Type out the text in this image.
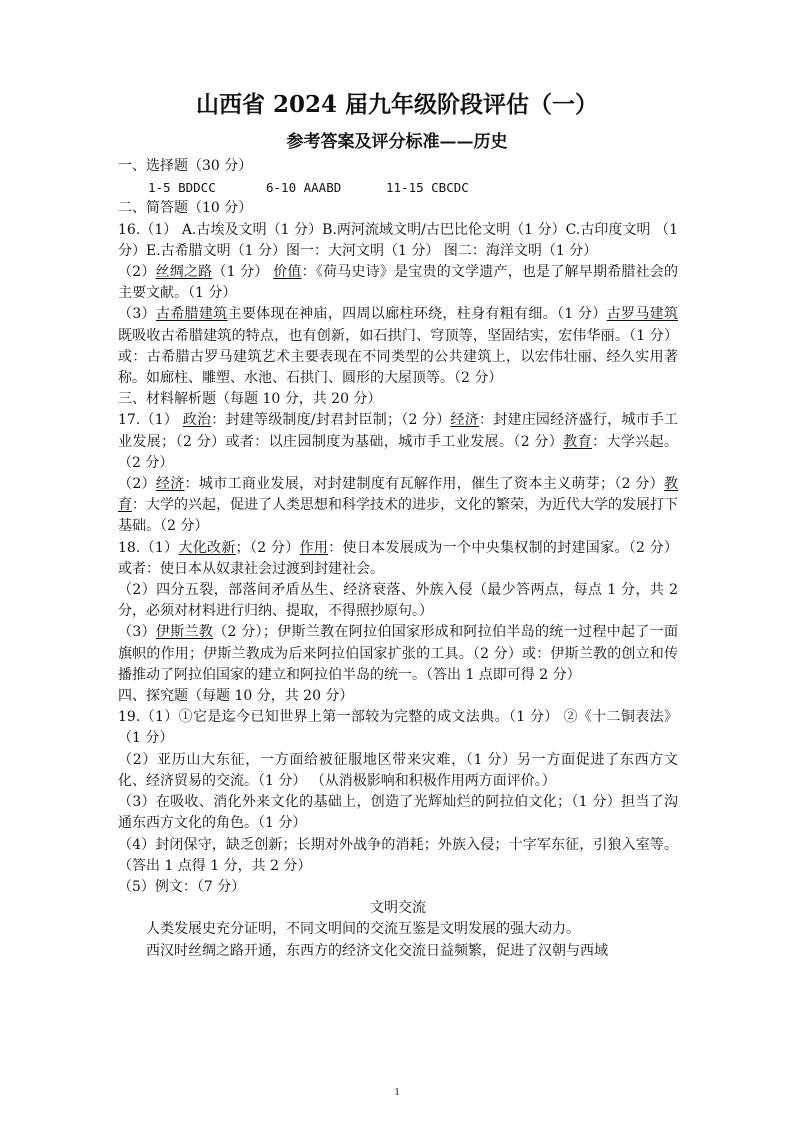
山西省 2024 届九年级阶段评估（一）
参考答案及评分标准——历史

一、选择题（30 分）

1-5 BDDCC	6-10 AAABD	11-15 CBCDC

二、简答题（10 分）

16.（1） A.古埃及文明（1 分）B.两河流域文明/古巴比伦文明（1 分）C.古印度文明 （1 分）E.古希腊文明（1 分）图一：大河文明（1 分） 图二：海洋文明（1 分）

（2）丝绸之路（1 分） 价值：《荷马史诗》是宝贵的文学遗产，也是了解早期希腊社会的主要文献。（1 分）

（3）古希腊建筑主要体现在神庙，四周以廊柱环绕，柱身有粗有细。（1 分）古罗马建筑既吸收古希腊建筑的特点，也有创新，如石拱门、穹顶等，坚固结实，宏伟华丽。（1 分）或：古希腊古罗马建筑艺术主要表现在不同类型的公共建筑上，以宏伟壮丽、经久实用著称。如廊柱、雕塑、水池、石拱门、圆形的大屋顶等。（2 分）

三、材料解析题（每题 10 分，共 20 分）

17.（1） 政治：封建等级制度/封君封臣制；（2 分）经济：封建庄园经济盛行，城市手工业发展；（2 分）或者：以庄园制度为基础，城市手工业发展。（2 分）教育：大学兴起。（2 分）

（2）经济：城市工商业发展，对封建制度有瓦解作用，催生了资本主义萌芽；（2 分）教育：大学的兴起，促进了人类思想和科学技术的进步，文化的繁荣，为近代大学的发展打下基础。（2 分）

18.（1）大化改新；（2 分）作用：使日本发展成为一个中央集权制的封建国家。（2 分）或者：使日本从奴隶社会过渡到封建社会。

（2）四分五裂，部落间矛盾丛生、经济衰落、外族入侵（最少答两点，每点 1 分，共 2 分，必须对材料进行归纳、提取，不得照抄原句。）

（3）伊斯兰教（2 分）；伊斯兰教在阿拉伯国家形成和阿拉伯半岛的统一过程中起了一面旗帜的作用；伊斯兰教成为后来阿拉伯国家扩张的工具。（2 分）或：伊斯兰教的创立和传播推动了阿拉伯国家的建立和阿拉伯半岛的统一。（答出 1 点即可得 2 分）

四、探究题（每题 10 分，共 20 分）

19.（1）①它是迄今已知世界上第一部较为完整的成文法典。（1 分） ②《十二铜表法》（1 分）

（2）亚历山大东征，一方面给被征服地区带来灾难，（1 分）另一方面促进了东西方文化、经济贸易的交流。（1 分） （从消极影响和积极作用两方面评价。）

（3）在吸收、消化外来文化的基础上，创造了光辉灿烂的阿拉伯文化；（1 分）担当了沟通东西方文化的角色。（1 分）

（4）封闭保守，缺乏创新；长期对外战争的消耗；外族入侵；十字军东征，引狼入室等。（答出 1 点得 1 分，共 2 分）

（5）例文：（7 分）

文明交流

人类发展史充分证明，不同文明间的交流互鉴是文明发展的强大动力。

西汉时丝绸之路开通，东西方的经济文化交流日益频繁，促进了汉朝与西域

1
